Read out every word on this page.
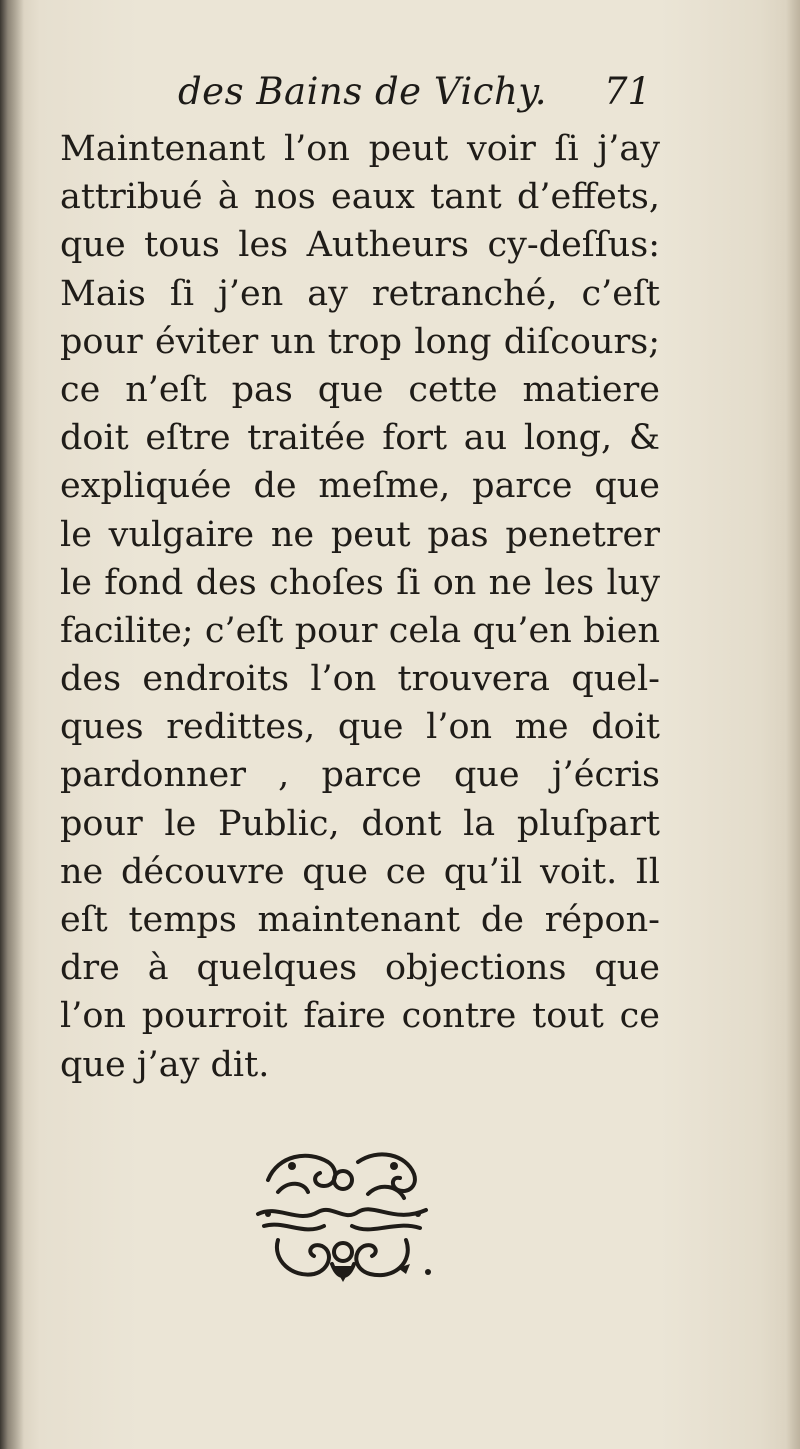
des Bains de Vichy. 71
Maintenant l’on peut voir ſi j’ay
attribué à nos eaux tant d’effets,
que tous les Autheurs cy-deſſus:
Mais ſi j’en ay retranché, c’eſt
pour éviter un trop long diſcours;
ce n’eſt pas que cette matiere
doit eſtre traitée fort au long, &
expliquée de meſme, parce que
le vulgaire ne peut pas penetrer
le fond des choſes ſi on ne les luy
facilite; c’eſt pour cela qu’en bien
des endroits l’on trouvera quel-
ques redittes, que l’on me doit
pardonner , parce que j’écris
pour le Public, dont la pluſpart
ne découvre que ce qu’il voit. Il
eſt temps maintenant de répon-
dre à quelques objections que
l’on pourroit faire contre tout ce
que j’ay dit.
